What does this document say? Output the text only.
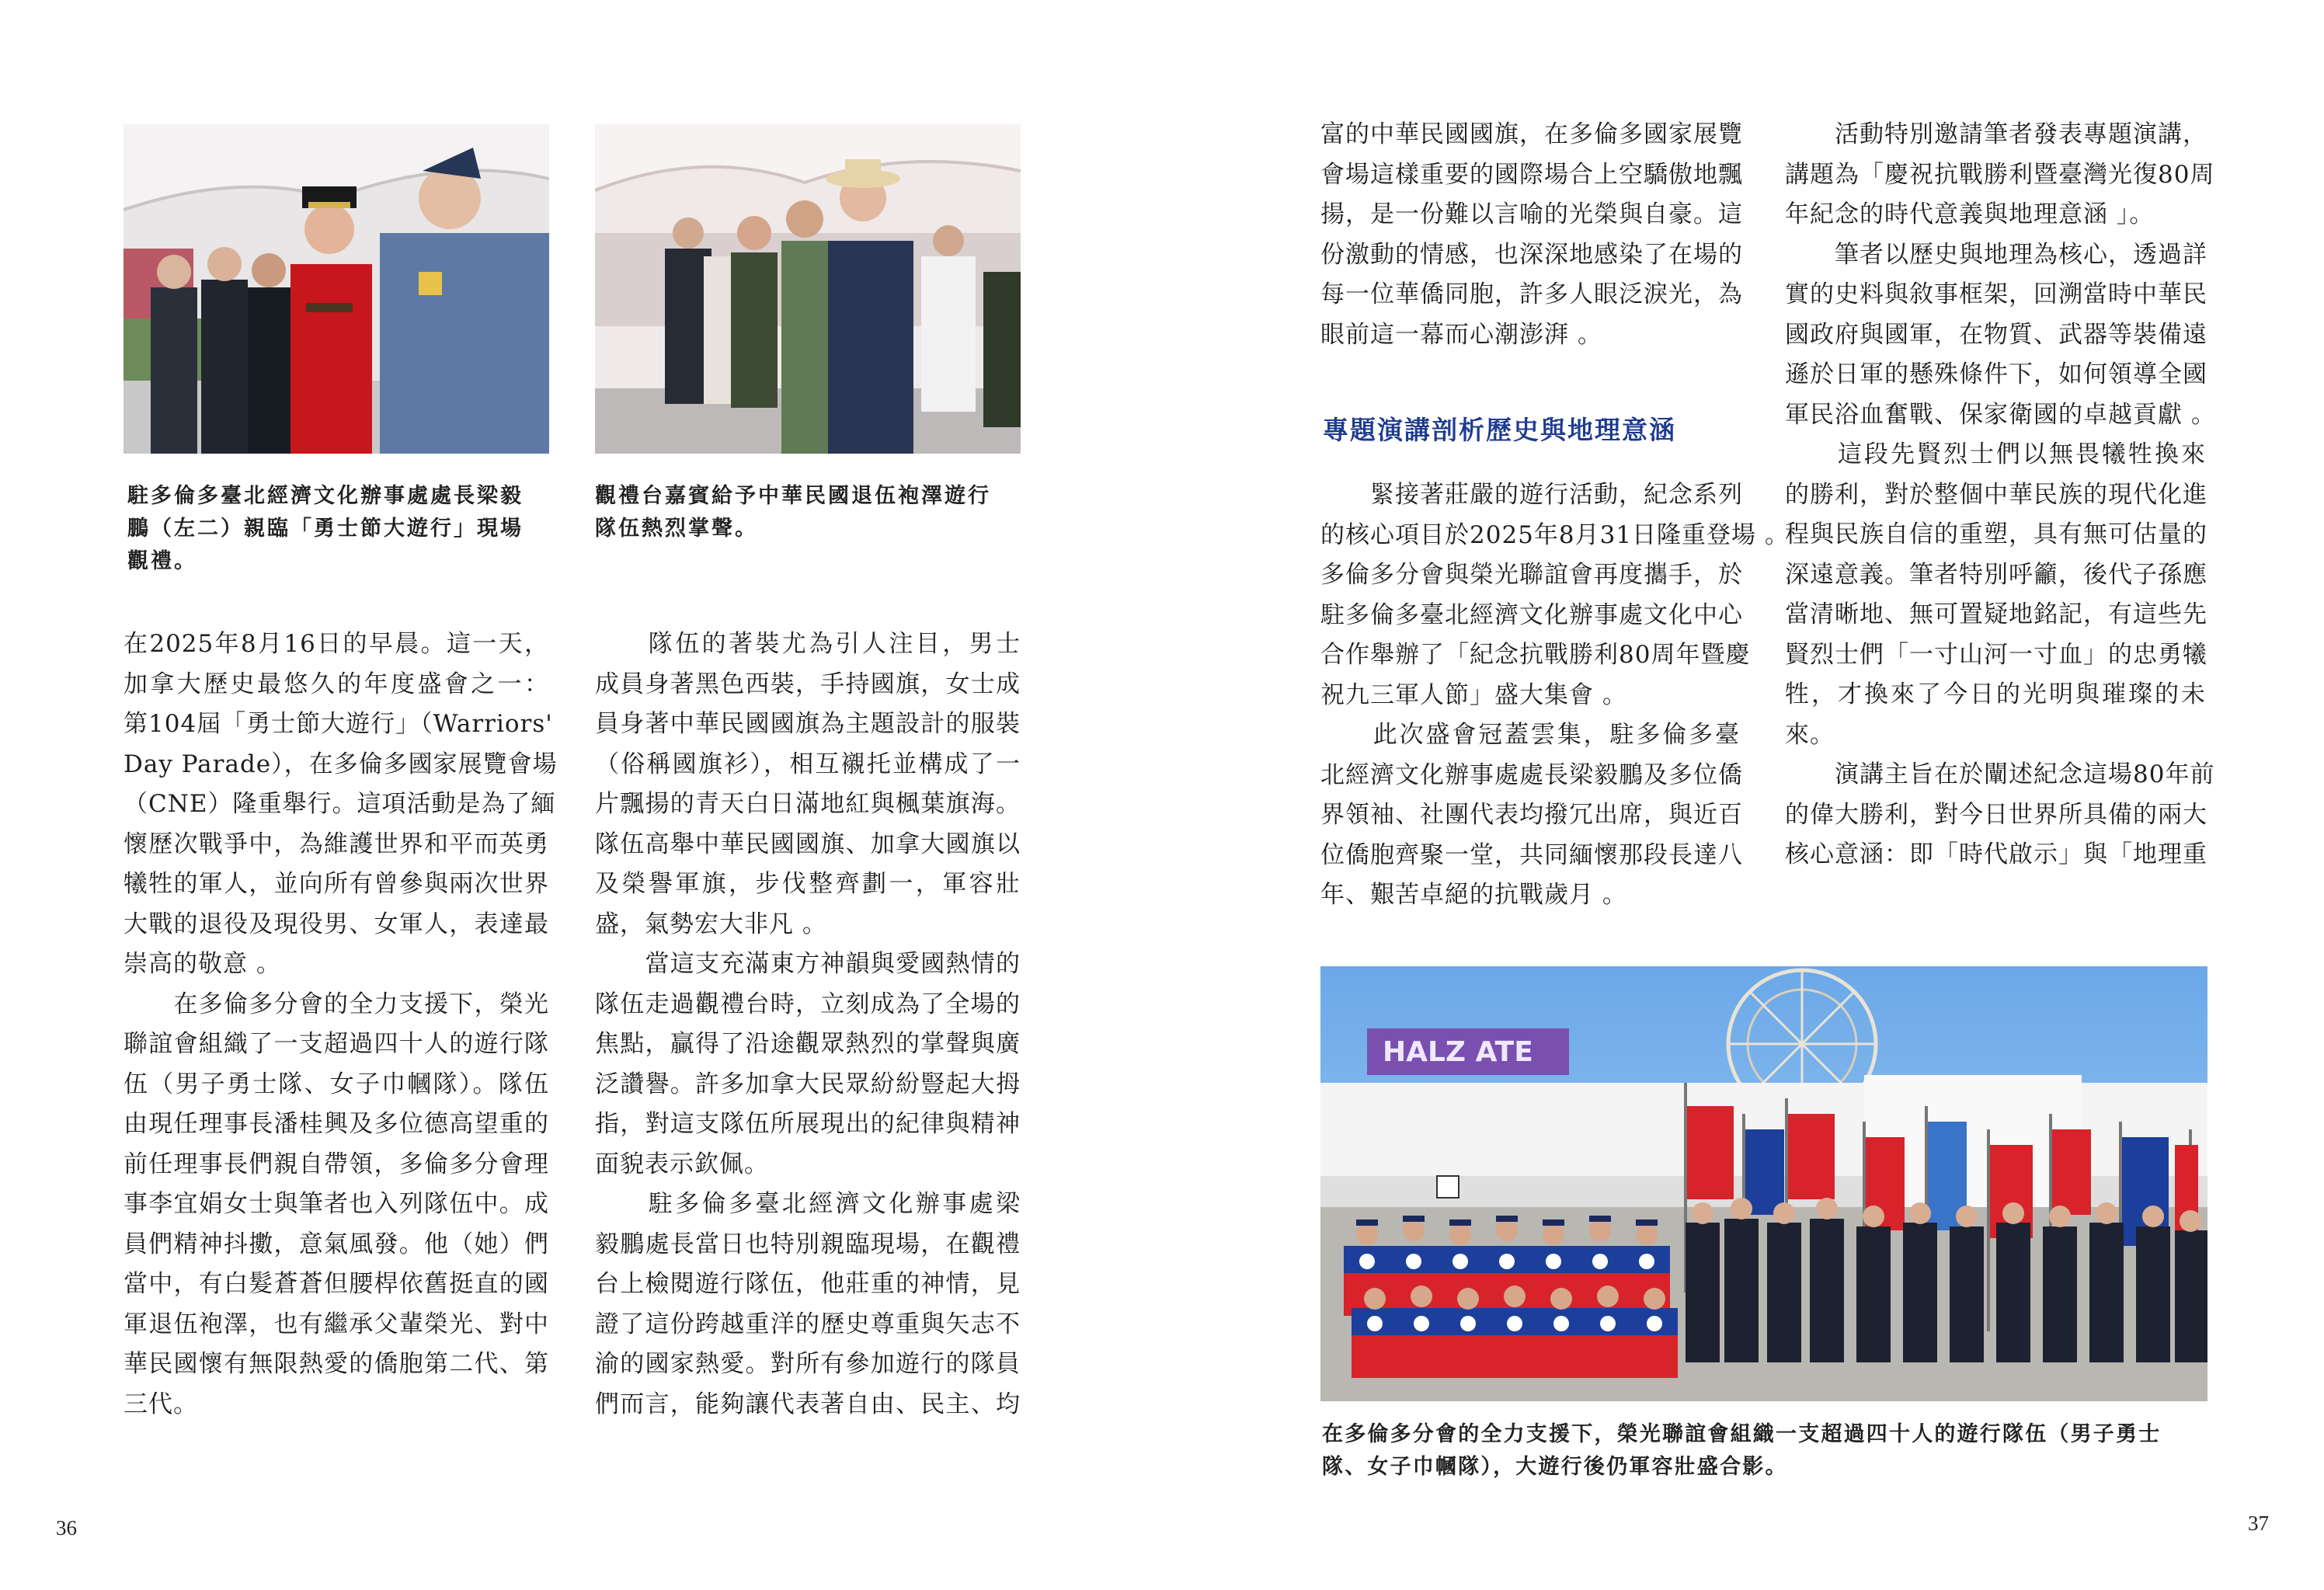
駐多倫多臺北經濟文化辦事處處長梁毅
鵬（左二）親臨「勇士節大遊行」現場
觀禮。
觀禮台嘉賓給予中華民國退伍袍澤遊行
隊伍熱烈掌聲。
在2025年8月16日的早晨。這一天，
加拿大歷史最悠久的年度盛會之一：
第104屆「勇士節大遊行」（Warriors'
Day Parade），在多倫多國家展覽會場
（CNE）隆重舉行。這項活動是為了緬
懷歷次戰爭中，為維護世界和平而英勇
犧牲的軍人，並向所有曾參與兩次世界
大戰的退役及現役男、女軍人，表達最
崇高的敬意 。
　　在多倫多分會的全力支援下，榮光
聯誼會組織了一支超過四十人的遊行隊
伍（男子勇士隊、女子巾幗隊）。隊伍
由現任理事長潘桂興及多位德高望重的
前任理事長們親自帶領，多倫多分會理
事李宜娟女士與筆者也入列隊伍中。成
員們精神抖擻，意氣風發。他（她）們
當中，有白髮蒼蒼但腰桿依舊挺直的國
軍退伍袍澤，也有繼承父輩榮光、對中
華民國懷有無限熱愛的僑胞第二代、第
三代。
　　隊伍的著裝尤為引人注目，男士
成員身著黑色西裝，手持國旗，女士成
員身著中華民國國旗為主題設計的服裝
（俗稱國旗衫），相互襯托並構成了一
片飄揚的青天白日滿地紅與楓葉旗海。
隊伍高舉中華民國國旗、加拿大國旗以
及榮譽軍旗，步伐整齊劃一，軍容壯
盛，氣勢宏大非凡 。
　　當這支充滿東方神韻與愛國熱情的
隊伍走過觀禮台時，立刻成為了全場的
焦點，贏得了沿途觀眾熱烈的掌聲與廣
泛讚譽。許多加拿大民眾紛紛豎起大拇
指，對這支隊伍所展現出的紀律與精神
面貌表示欽佩。
　　駐多倫多臺北經濟文化辦事處梁
毅鵬處長當日也特別親臨現場，在觀禮
台上檢閱遊行隊伍，他莊重的神情，見
證了這份跨越重洋的歷史尊重與矢志不
渝的國家熱愛。對所有參加遊行的隊員
們而言，能夠讓代表著自由、民主、均
富的中華民國國旗，在多倫多國家展覽
會場這樣重要的國際場合上空驕傲地飄
揚，是一份難以言喻的光榮與自豪。這
份激動的情感，也深深地感染了在場的
每一位華僑同胞，許多人眼泛淚光，為
眼前這一幕而心潮澎湃 。
專題演講剖析歷史與地理意涵
　　緊接著莊嚴的遊行活動，紀念系列
的核心項目於2025年8月31日隆重登場 。
多倫多分會與榮光聯誼會再度攜手，於
駐多倫多臺北經濟文化辦事處文化中心
合作舉辦了「紀念抗戰勝利80周年暨慶
祝九三軍人節」盛大集會 。
　　此次盛會冠蓋雲集，駐多倫多臺
北經濟文化辦事處處長梁毅鵬及多位僑
界領袖、社團代表均撥冗出席，與近百
位僑胞齊聚一堂，共同緬懷那段長達八
年、艱苦卓絕的抗戰歲月 。
　　活動特別邀請筆者發表專題演講，
講題為「慶祝抗戰勝利暨臺灣光復80周
年紀念的時代意義與地理意涵 」。
　　筆者以歷史與地理為核心，透過詳
實的史料與敘事框架，回溯當時中華民
國政府與國軍，在物質、武器等裝備遠
遜於日軍的懸殊條件下，如何領導全國
軍民浴血奮戰、保家衛國的卓越貢獻 。
　　這段先賢烈士們以無畏犧牲換來
的勝利，對於整個中華民族的現代化進
程與民族自信的重塑，具有無可估量的
深遠意義。筆者特別呼籲，後代子孫應
當清晰地、無可置疑地銘記，有這些先
賢烈士們「一寸山河一寸血」的忠勇犧
牲，才換來了今日的光明與璀璨的未
來。
　　演講主旨在於闡述紀念這場80年前
的偉大勝利，對今日世界所具備的兩大
核心意涵：即「時代啟示」與「地理重
HALZ ATE
在多倫多分會的全力支援下，榮光聯誼會組織一支超過四十人的遊行隊伍（男子勇士
隊、女子巾幗隊），大遊行後仍軍容壯盛合影。
36	37
